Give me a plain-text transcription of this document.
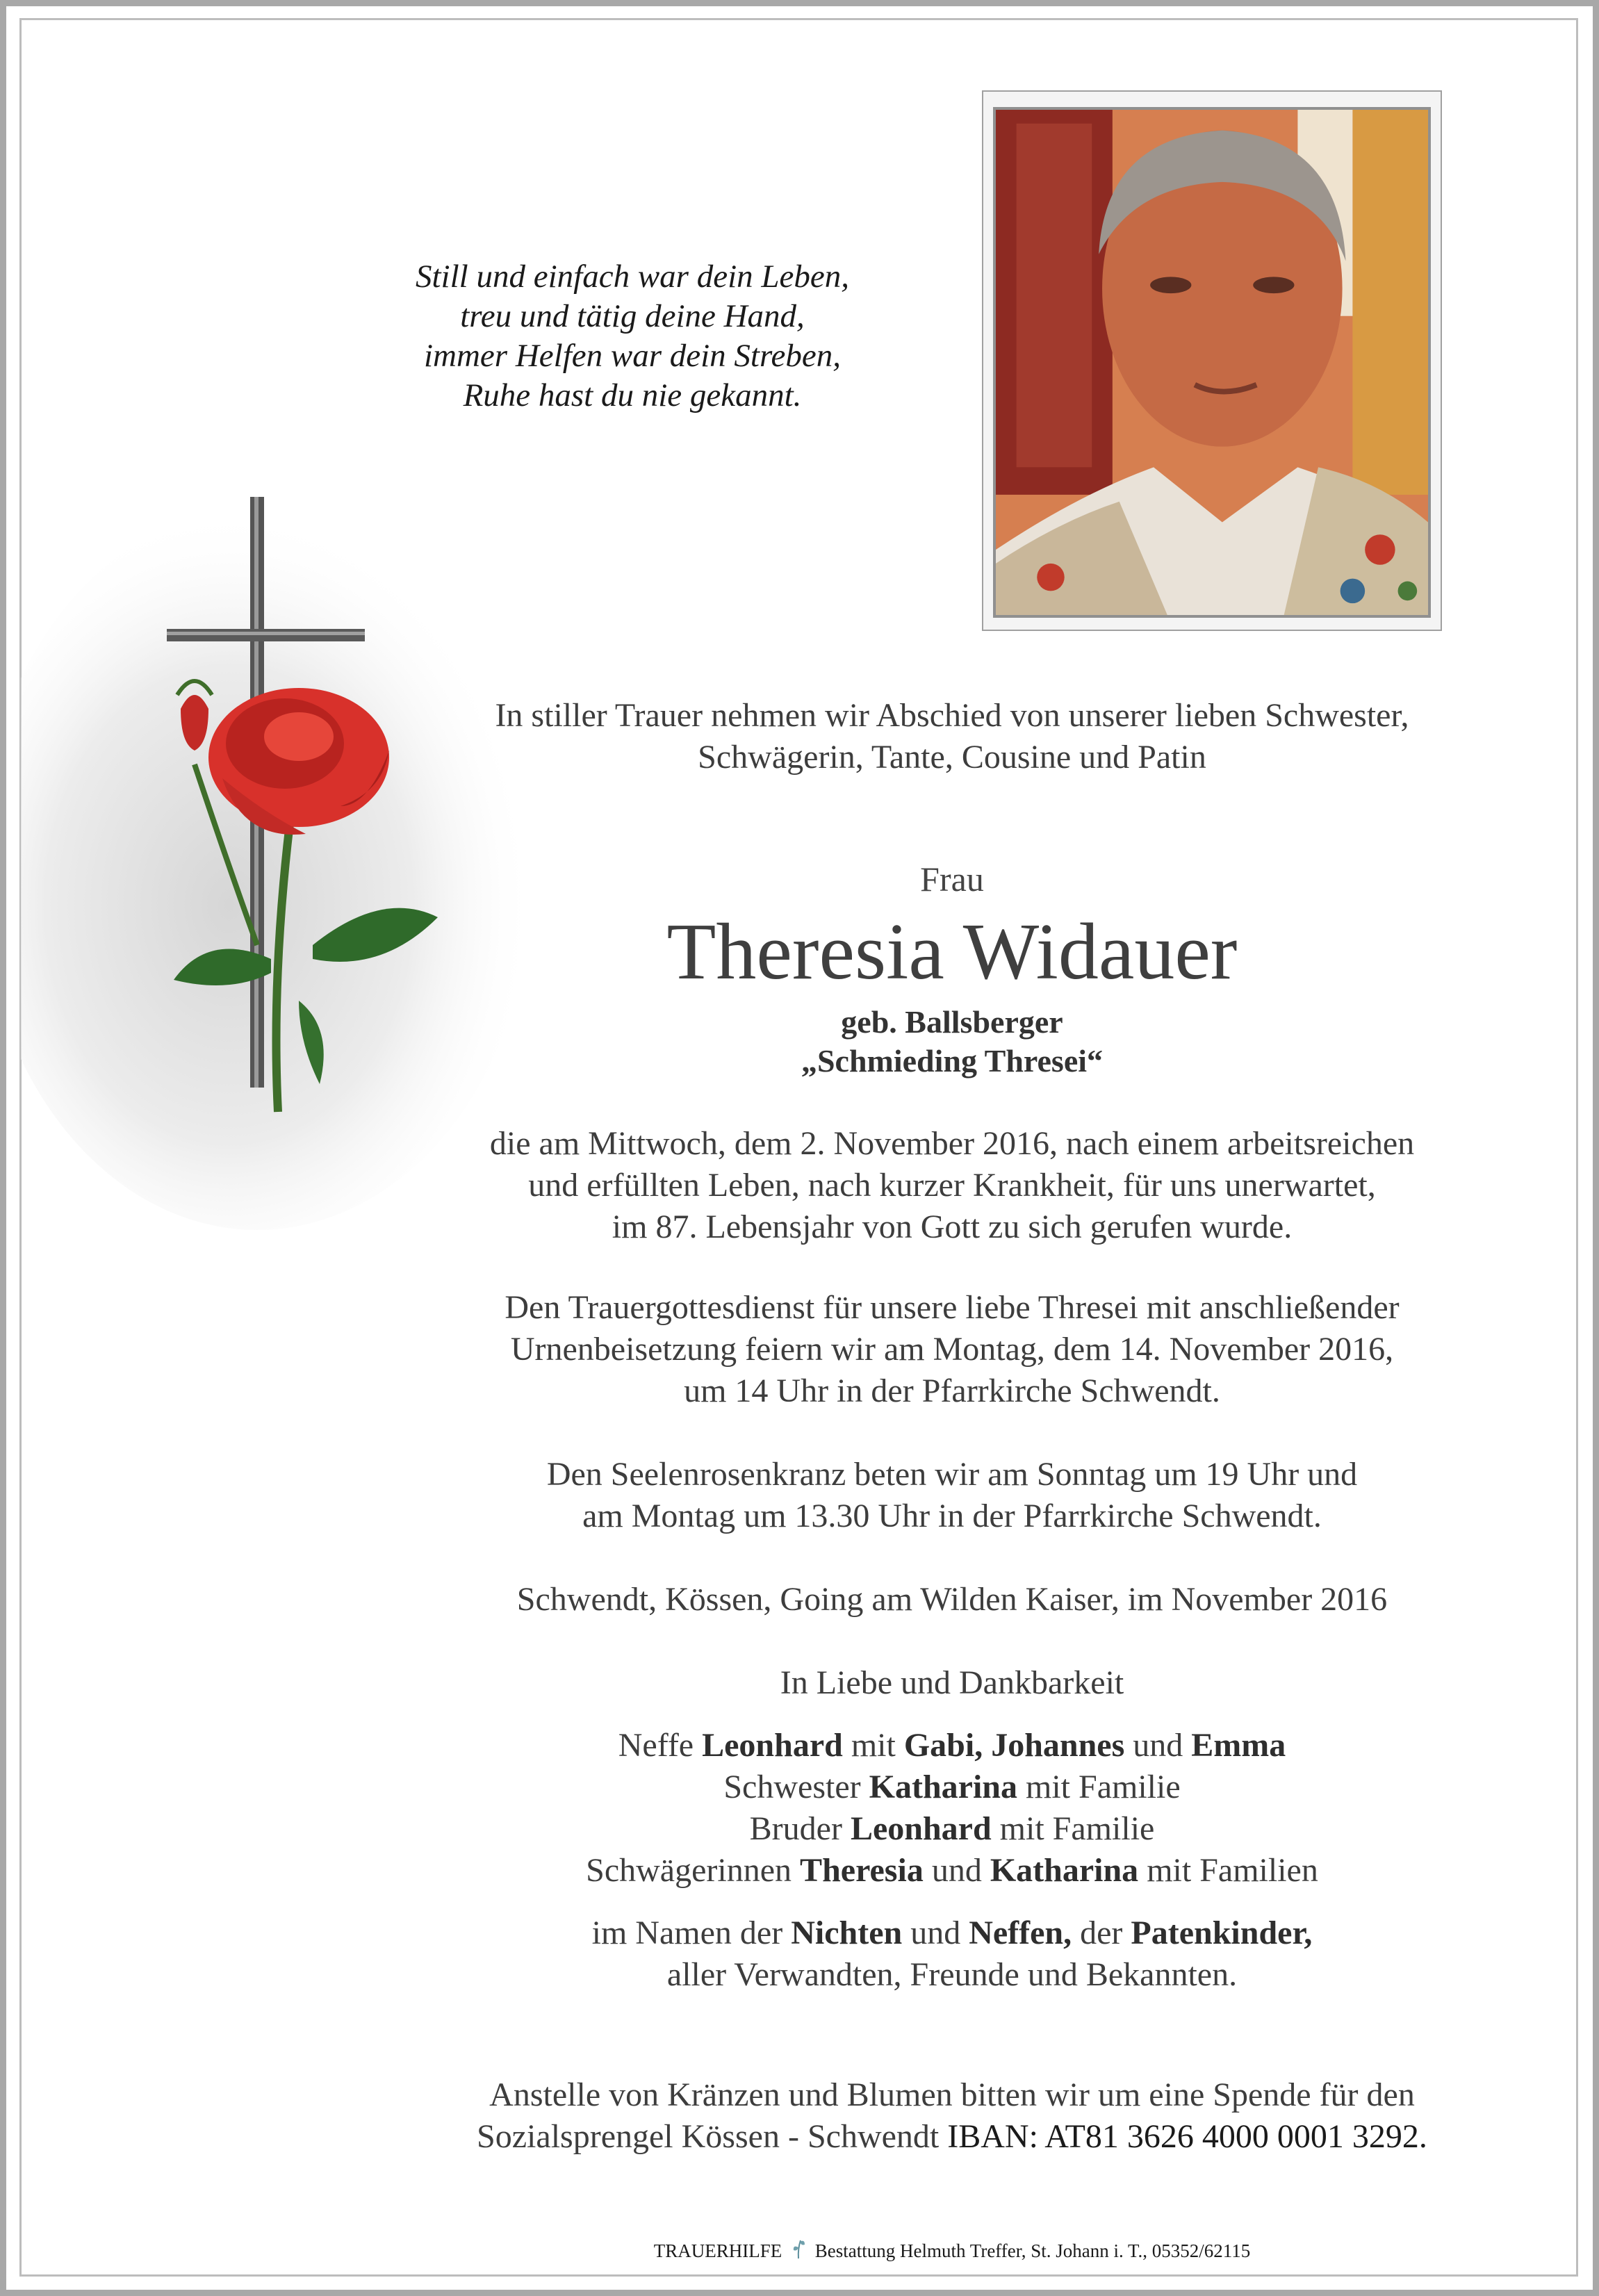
Still und einfach war dein Leben,
treu und tätig deine Hand,
immer Helfen war dein Streben,
Ruhe hast du nie gekannt.
In stiller Trauer nehmen wir Abschied von unserer lieben Schwester,
Schwägerin, Tante, Cousine und Patin
Frau
Theresia Widauer
geb. Ballsberger
„Schmieding Thresei“
die am Mittwoch, dem 2. November 2016, nach einem arbeitsreichen
und erfüllten Leben, nach kurzer Krankheit, für uns unerwartet,
im 87. Lebensjahr von Gott zu sich gerufen wurde.
Den Trauergottesdienst für unsere liebe Thresei mit anschließender
Urnenbeisetzung feiern wir am Montag, dem 14. November 2016,
um 14 Uhr in der Pfarrkirche Schwendt.
Den Seelenrosenkranz beten wir am Sonntag um 19 Uhr und
am Montag um 13.30 Uhr in der Pfarrkirche Schwendt.
Schwendt, Kössen, Going am Wilden Kaiser, im November 2016
In Liebe und Dankbarkeit
Neffe Leonhard mit Gabi, Johannes und Emma
Schwester Katharina mit Familie
Bruder Leonhard mit Familie
Schwägerinnen Theresia und Katharina mit Familien
im Namen der Nichten und Neffen, der Patenkinder,
aller Verwandten, Freunde und Bekannten.
Anstelle von Kränzen und Blumen bitten wir um eine Spende für den
Sozialsprengel Kössen - Schwendt IBAN: AT81 3626 4000 0001 3292.
TRAUERHILFE Bestattung Helmuth Treffer, St. Johann i. T., 05352/62115
